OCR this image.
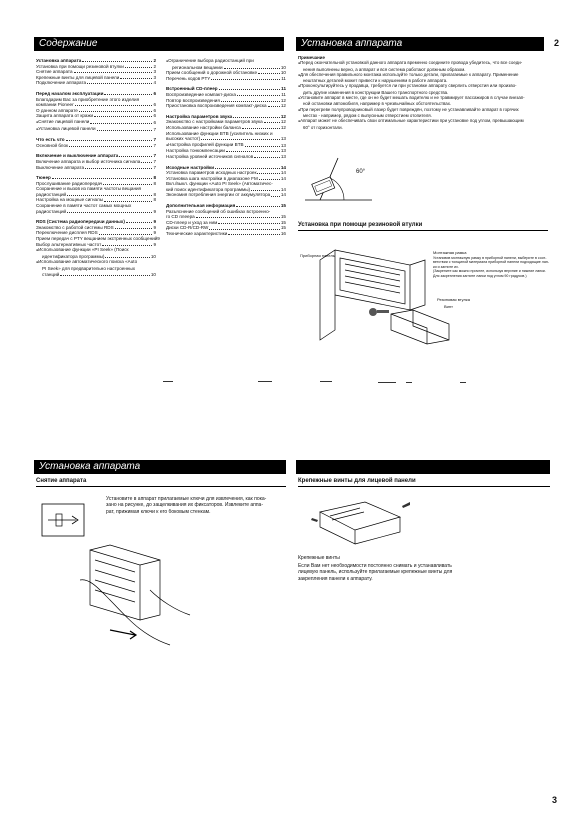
Содержание	Установка аппарата	2
Установка аппарата	2
Установка при помощи резиновой втулки	2
Снятие аппарата	3
Крепежные винты для лицевой панели	3
Подключение аппарата	4
Перед началом эксплуатации	6
Благодарим Вас за приобретение этого изделия
компании Pioneer	6
О данном аппарате	6
Защита аппарата от кражи	6
● Снятие лицевой панели	6
● Установка лицевой панели	7
Что есть что	7
Основной блок	7
Включение и выключение аппарата	7
Включение аппарата и выбор источника сигнала	7
Выключение аппарата	7
Тюнер	8
Прослушивание радиопередач	8
Сохранение и вызов из памяти частоты вещания
радиостанций	8
Настройка на мощные сигналы	8
Сохранение в памяти частот самых мощных
радиостанций	9
RDS (Система радиопередачи данных)	9
Знакомство с работой системы RDS	9
Переключение дисплея RDS	9
Прием передач с PTY вещанием экстренных сообщений 9
Выбор альтернативных частот	9
● Использование функции «PI Seek» (Поиск
идентификатора программы)	10
● Использование автоматического поиска «Auto
PI Seek» для предварительно настроенных
станций	10
● Ограничение выбора радиостанций при
региональном вещании	10
Прием сообщений о дорожной обстановке	10
Перечень кодов PTY	11
Встроенный CD-плеер	11
Воспроизведение компакт-диска	11
Повтор воспроизведения	12
Приостановка воспроизведения компакт-диска	12
Настройка параметров звука	12
Знакомство с настройками параметров звука	12
Использование настройки баланса	12
Использование функции BTB (усилитель низких и
высоких частот)	13
● Настройка профилей функции BTB	13
Настройка тонкомпенсации	13
Настройка уровней источников сигналов	13
Исходные настройки	14
Установка параметров исходных настроек	14
Установка шага настройки в диапазоне FM	14
Вкл./выкл. функции «Auto PI Seek» (Автоматичес-
кий поиск идентификатора программы)	14
Экономия потребления энергии от аккумулятора 14
Дополнительная информация	15
Разъяснение сообщений об ошибках встроенно-
го CD плеера	15
CD-плеер и уход за ним	15
Диски CD-R/CD-RW	15
Технические характеристики	16
Примечание
● Перед окончательной установкой данного аппарата временно соедините провода убедитесь, что все соеди-
нения выполнены верно, а аппарат и вся система работают должным образом.
● Для обеспечения правильного монтажа используйте только детали, прилагаемые к аппарату. Применение
нештатных деталей может привести к нарушениям в работе аппарата.
● Проконсультируйтесь у продавца, требуется ли при установке аппарату сверлить отверстия или произво-
дить другие изменения в конструкции Вашего транспортного средства.
● Установите аппарат в месте, где он не будет мешать водителю и не травмирует пассажиров в случае внезап-
ной остановки автомобиля, например в чрезвычайных обстоятельствах.
● При перегреве полупроводниковый лазер будет повреждён, поэтому не устанавливайте аппарат в горячих
местах - например, рядом с выпускным отверстием отопителя.
● Аппарат может не обеспечивать свои оптимальные характеристики при установке под углом, превышающим
60° от горизонтали.
60°
Установка при помощи резиновой втулки
Приборная панель
Монтажная рамка
Установив монтажную рамку в приборной панели, выберите в соот-
ветствии с толщиной материала приборной панели подходящие лап-
ки и загните их.
(Закрепите как можно прочнее, используя верхние и нижние лапки.
Для закрепления загните лапки под углом 90 градусов.)
Резиновая втулка
Винт
Установка аппарата
Снятие аппарата
Установите в аппарат прилагаемые ключи для извлечения, как пока-
зано на рисунке, до защелкивания их фиксаторов. Извлеките аппа-
рат, прижимая ключи к его боковым стенкам.
Крепежные винты для лицевой панели
Крепежные винты
Если Вам нет необходимости постоянно снимать и устанавливать
лицевую панель, используйте прилагаемые крепежные винты для
закрепления панели к аппарату.
3
